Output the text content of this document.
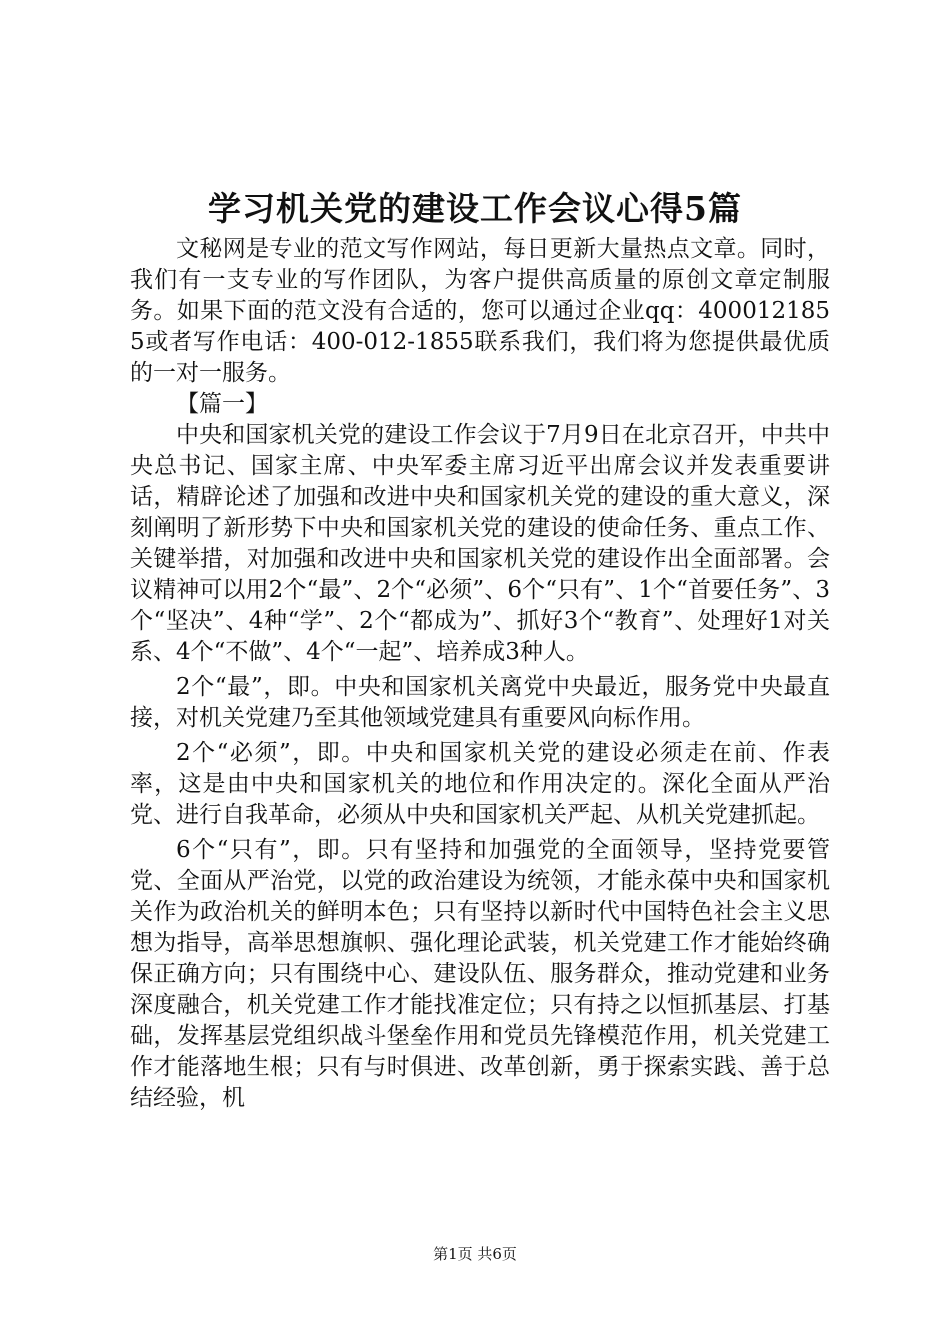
学习机关党的建设工作会议心得5篇

文秘网是专业的范文写作网站，每日更新大量热点文章。同时，我们有一支专业的写作团队，为客户提供高质量的原创文章定制服务。如果下面的范文没有合适的，您可以通过企业qq：4000121855或者写作电话：400-012-1855联系我们，我们将为您提供最优质的一对一服务。

【篇一】

中央和国家机关党的建设工作会议于7月9日在北京召开，中共中央总书记、国家主席、中央军委主席习近平出席会议并发表重要讲话，精辟论述了加强和改进中央和国家机关党的建设的重大意义，深刻阐明了新形势下中央和国家机关党的建设的使命任务、重点工作、关键举措，对加强和改进中央和国家机关党的建设作出全面部署。会议精神可以用2个“最”、2个“必须”、6个“只有”、1个“首要任务”、3个“坚决”、4种“学”、2个“都成为”、抓好3个“教育”、处理好1对关系、4个“不做”、4个“一起”、培养成3种人。

2个“最”，即。中央和国家机关离党中央最近，服务党中央最直接，对机关党建乃至其他领域党建具有重要风向标作用。

2个“必须”，即。中央和国家机关党的建设必须走在前、作表率，这是由中央和国家机关的地位和作用决定的。深化全面从严治党、进行自我革命，必须从中央和国家机关严起、从机关党建抓起。

6个“只有”，即。只有坚持和加强党的全面领导，坚持党要管党、全面从严治党，以党的政治建设为统领，才能永葆中央和国家机关作为政治机关的鲜明本色；只有坚持以新时代中国特色社会主义思想为指导，高举思想旗帜、强化理论武装，机关党建工作才能始终确保正确方向；只有围绕中心、建设队伍、服务群众，推动党建和业务深度融合，机关党建工作才能找准定位；只有持之以恒抓基层、打基础，发挥基层党组织战斗堡垒作用和党员先锋模范作用，机关党建工作才能落地生根；只有与时俱进、改革创新，勇于探索实践、善于总结经验，机

第1页 共6页
